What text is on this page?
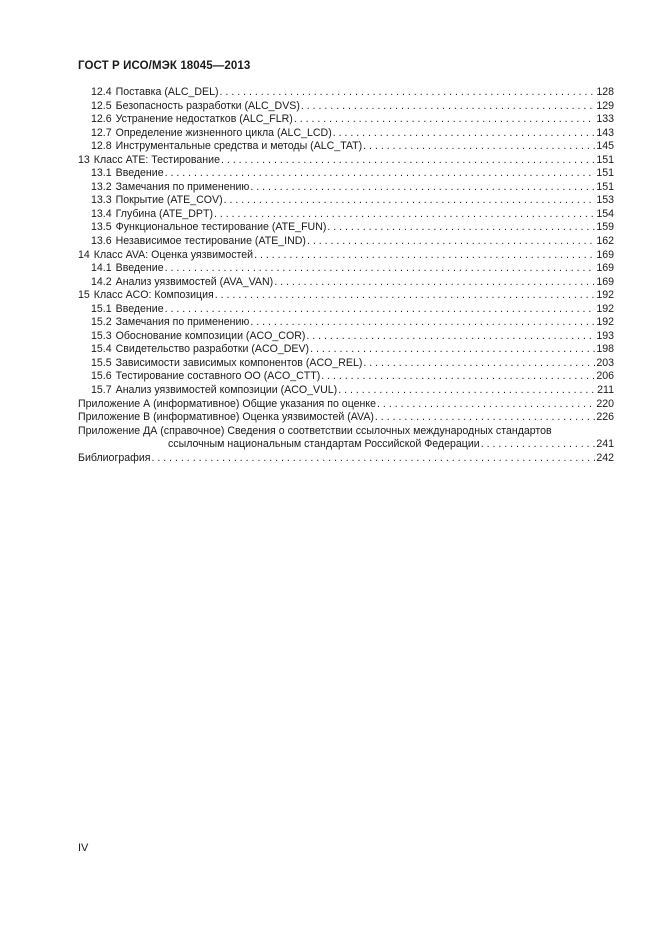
ГОСТ Р ИСО/МЭК 18045—2013
12.4 Поставка (ALC_DEL) . . .	128
12.5 Безопасность разработки (ALC_DVS) . . .	129
12.6 Устранение недостатков (ALC_FLR) . . .	133
12.7 Определение жизненного цикла (ALC_LCD) . . .	143
12.8 Инструментальные средства и методы (ALC_TAT) . . .	145
13 Класс ATE: Тестирование . . .	151
13.1 Введение . . .	151
13.2 Замечания по применению . . .	151
13.3 Покрытие (ATE_COV) . . .	153
13.4 Глубина (ATE_DPT) . . .	154
13.5 Функциональное тестирование (ATE_FUN) . . .	159
13.6 Независимое тестирование (ATE_IND) . . .	162
14 Класс AVA: Оценка уязвимостей . . .	169
14.1 Введение . . .	169
14.2 Анализ уязвимостей (AVA_VAN) . . .	169
15 Класс ACO: Композиция . . .	192
15.1 Введение . . .	192
15.2 Замечания по применению . . .	192
15.3 Обоснование композиции (ACO_COR) . . .	193
15.4 Свидетельство разработки (ACO_DEV) . . .	198
15.5 Зависимости зависимых компонентов (ACO_REL) . . .	203
15.6 Тестирование составного ОО (ACO_CTT) . . .	206
15.7 Анализ уязвимостей композиции (ACO_VUL) . . .	211
Приложение А (информативное) Общие указания по оценке . . .	220
Приложение В (информативное) Оценка уязвимостей (AVA) . . .	226
Приложение ДА (справочное) Сведения о соответствии ссылочных международных стандартов
ссылочным национальным стандартам Российской Федерации . . .	241
Библиография . . .	242
IV
